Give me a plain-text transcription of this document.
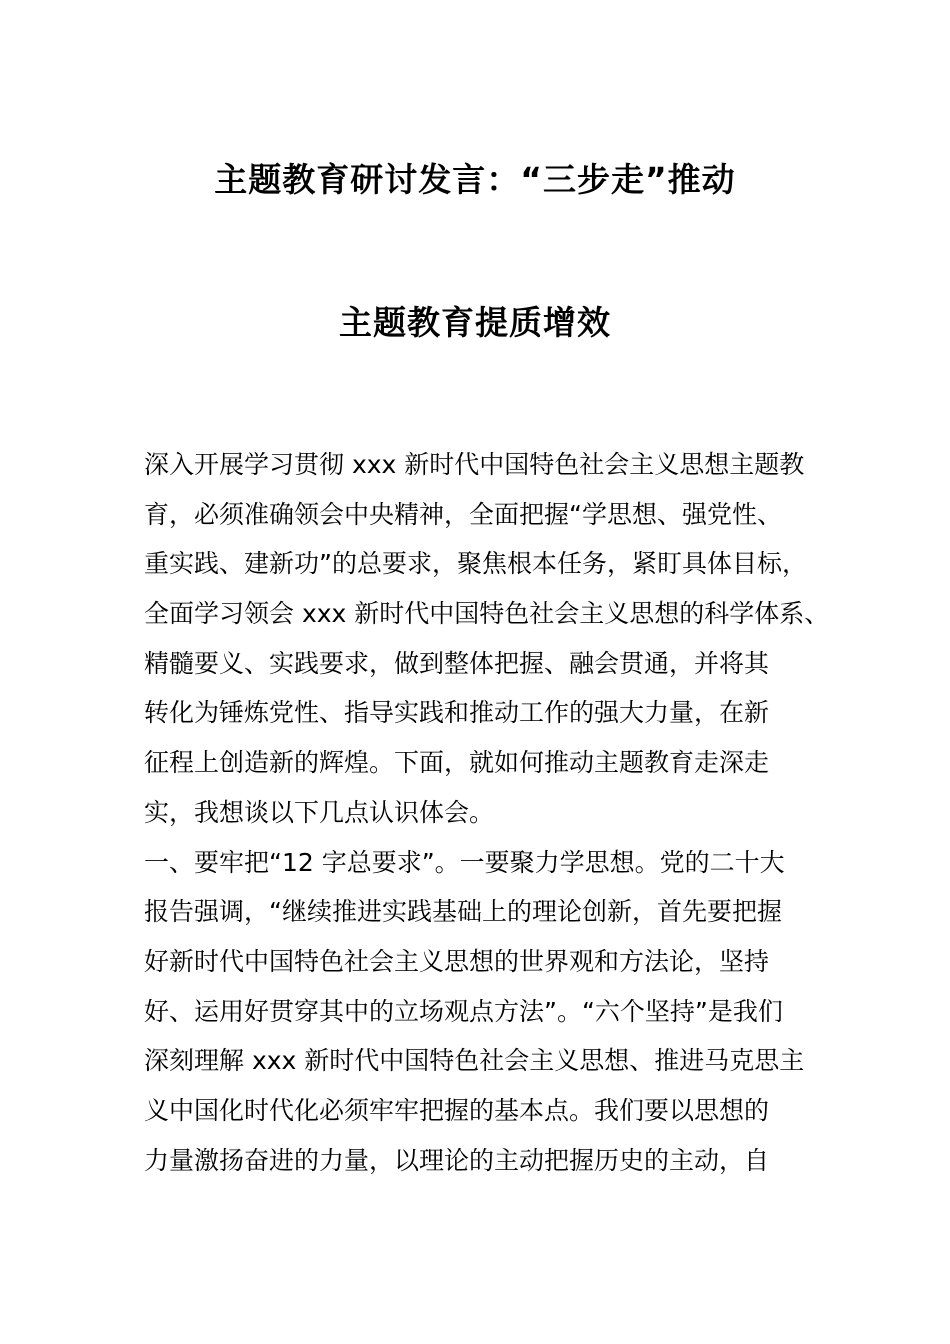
主题教育研讨发言：“三步走”推动
主题教育提质增效
深入开展学习贯彻 xxx 新时代中国特色社会主义思想主题教
育，必须准确领会中央精神，全面把握“学思想、强党性、
重实践、建新功”的总要求，聚焦根本任务，紧盯具体目标，
全面学习领会 xxx 新时代中国特色社会主义思想的科学体系、
精髓要义、实践要求，做到整体把握、融会贯通，并将其
转化为锤炼党性、指导实践和推动工作的强大力量，在新
征程上创造新的辉煌。下面，就如何推动主题教育走深走
实，我想谈以下几点认识体会。
一、要牢把“12 字总要求”。一要聚力学思想。党的二十大
报告强调，“继续推进实践基础上的理论创新，首先要把握
好新时代中国特色社会主义思想的世界观和方法论，坚持
好、运用好贯穿其中的立场观点方法”。“六个坚持”是我们
深刻理解 xxx 新时代中国特色社会主义思想、推进马克思主
义中国化时代化必须牢牢把握的基本点。我们要以思想的
力量激扬奋进的力量，以理论的主动把握历史的主动，自
